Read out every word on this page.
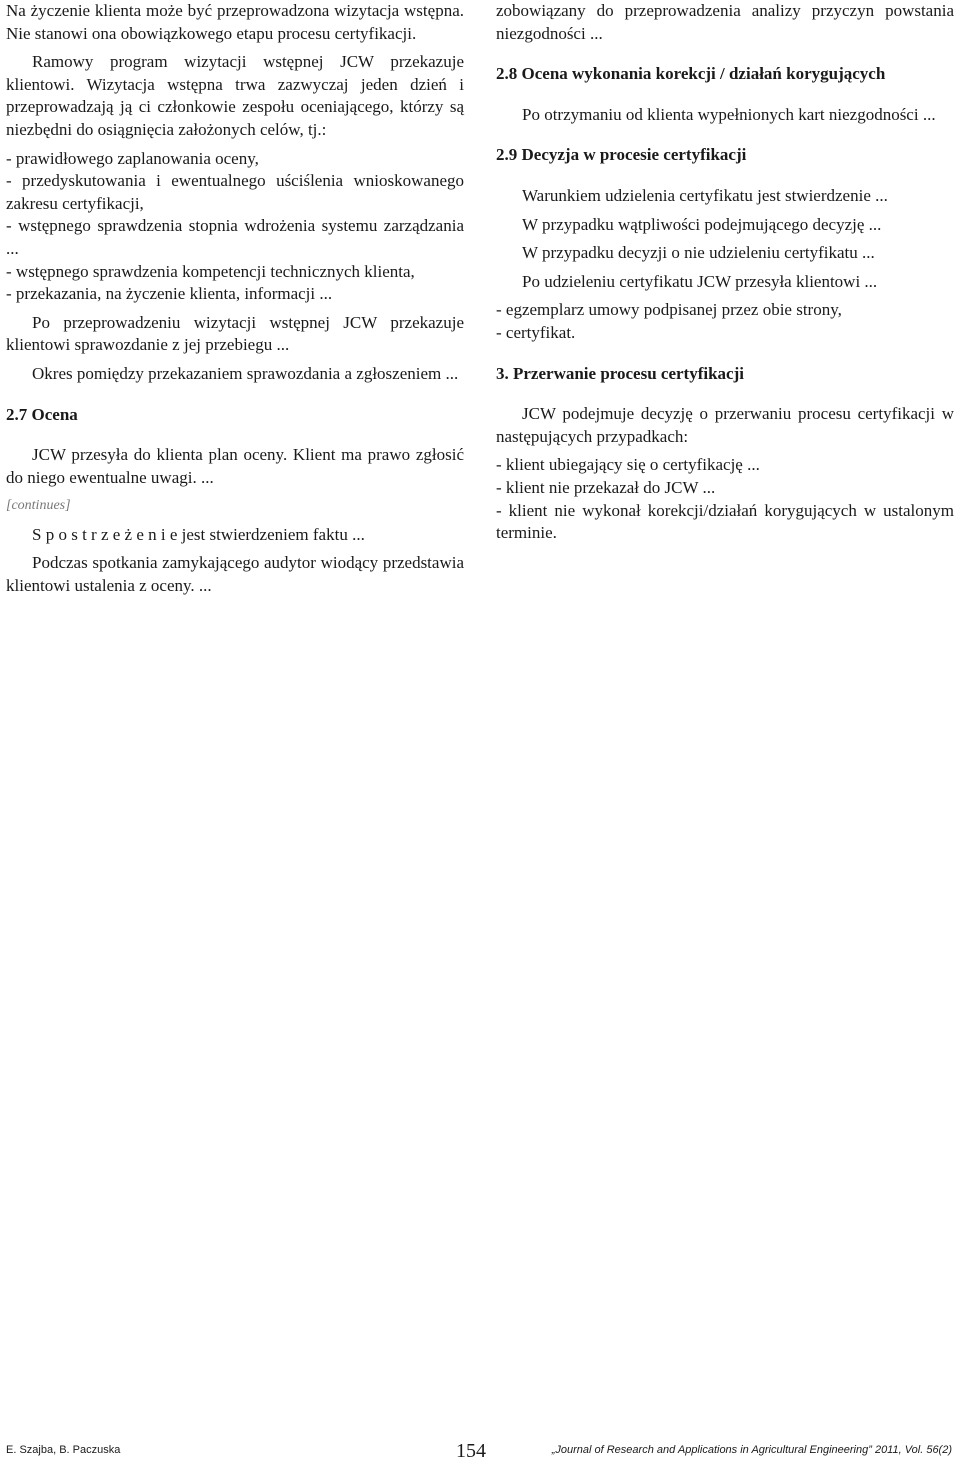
Na życzenie klienta może być przeprowadzona wizytacja wstępna. Nie stanowi ona obowiązkowego etapu procesu certyfikacji.

Ramowy program wizytacji wstępnej JCW przekazuje klientowi. Wizytacja wstępna trwa zazwyczaj jeden dzień i przeprowadzają ją ci członkowie zespołu oceniającego, którzy są niezbędni do osiągnięcia założonych celów, tj.:

- prawidłowego zaplanowania oceny,
- przedyskutowania i ewentualnego uściślenia wnioskowanego zakresu certyfikacji,
- wstępnego sprawdzenia stopnia wdrożenia systemu zarządzania ...
- wstępnego sprawdzenia kompetencji technicznych klienta,
- przekazania, na życzenie klienta, informacji ...

Po przeprowadzeniu wizytacji wstępnej JCW przekazuje klientowi sprawozdanie z jej przebiegu ...

Okres pomiędzy przekazaniem sprawozdania a zgłoszeniem ...

2.7 Ocena

JCW przesyła do klienta plan oceny. Klient ma prawo zgłosić do niego ewentualne uwagi. ...

[continues]

S p o s t r z e ż e n i e jest stwierdzeniem faktu ...

Podczas spotkania zamykającego audytor wiodący przedstawia klientowi ustalenia z oceny. ...

zobowiązany do przeprowadzenia analizy przyczyn powstania niezgodności ...

2.8 Ocena wykonania korekcji / działań korygujących

Po otrzymaniu od klienta wypełnionych kart niezgodności ...

2.9 Decyzja w procesie certyfikacji

Warunkiem udzielenia certyfikatu jest stwierdzenie ...

W przypadku wątpliwości podejmującego decyzję ...

W przypadku decyzji o nie udzieleniu certyfikatu ...

Po udzieleniu certyfikatu JCW przesyła klientowi ...

- egzemplarz umowy podpisanej przez obie strony,
- certyfikat.
3. Przerwanie procesu certyfikacji

JCW podejmuje decyzję o przerwaniu procesu certyfikacji w następujących przypadkach:

- klient ubiegający się o certyfikację ...
- klient nie przekazał do JCW ...
- klient nie wykonał korekcji/działań korygujących w ustalonym terminie.
E. Szajba, B. Paczuska	154	„Journal of Research and Applications in Agricultural Engineering” 2011, Vol. 56(2)
